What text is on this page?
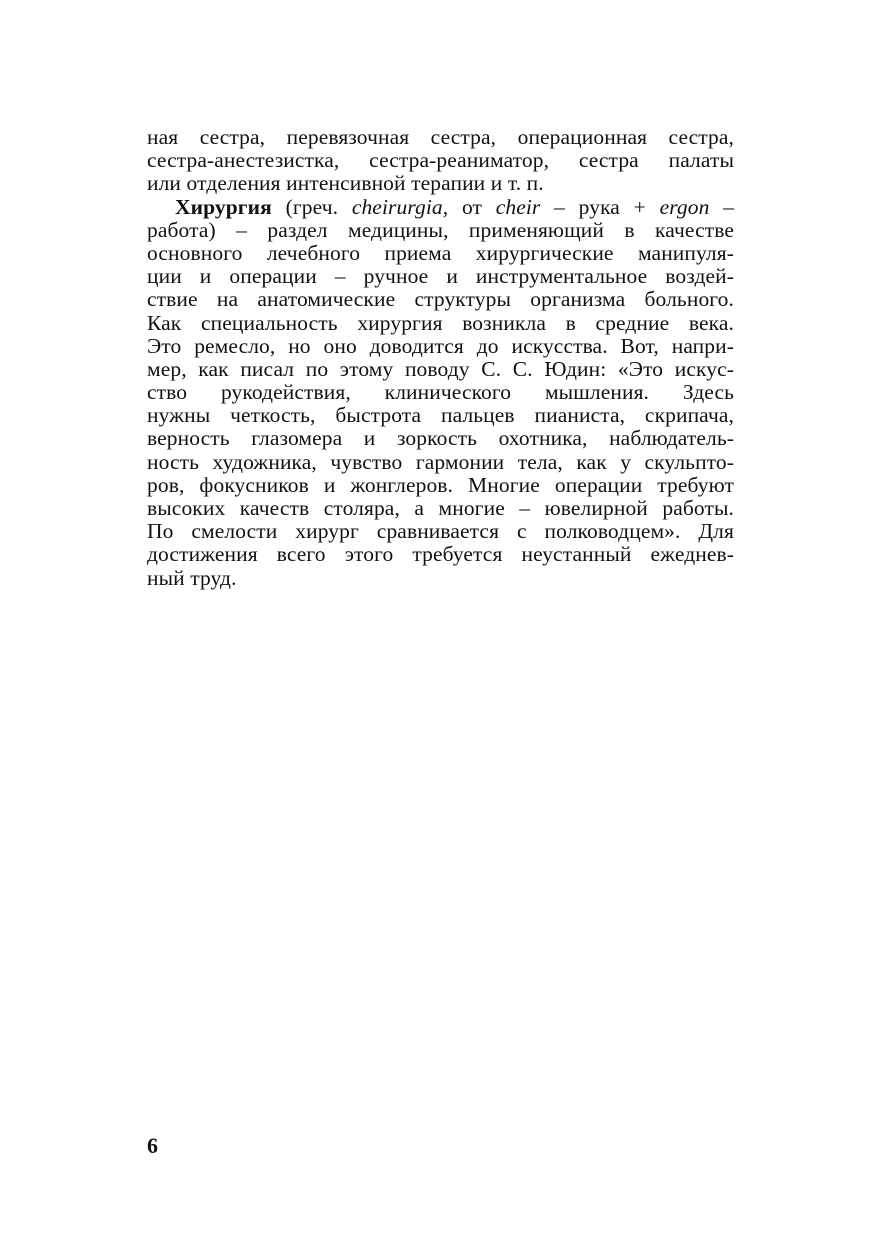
ная сестра, перевязочная сестра, операционная сестра,
сестра-анестезистка, сестра-реаниматор, сестра палаты
или отделения интенсивной терапии и т. п.
Хирургия (греч. cheirurgia, от cheir – рука + ergon –
работа) – раздел медицины, применяющий в качестве
основного лечебного приема хирургические манипуля-
ции и операции – ручное и инструментальное воздей-
ствие на анатомические структуры организма больного.
Как специальность хирургия возникла в средние века.
Это ремесло, но оно доводится до искусства. Вот, напри-
мер, как писал по этому поводу С. С. Юдин: «Это искус-
ство рукодействия, клинического мышления. Здесь
нужны четкость, быстрота пальцев пианиста, скрипача,
верность глазомера и зоркость охотника, наблюдатель-
ность художника, чувство гармонии тела, как у скульпто-
ров, фокусников и жонглеров. Многие операции требуют
высоких качеств столяра, а многие – ювелирной работы.
По смелости хирург сравнивается с полководцем». Для
достижения всего этого требуется неустанный ежеднев-
ный труд.
6
